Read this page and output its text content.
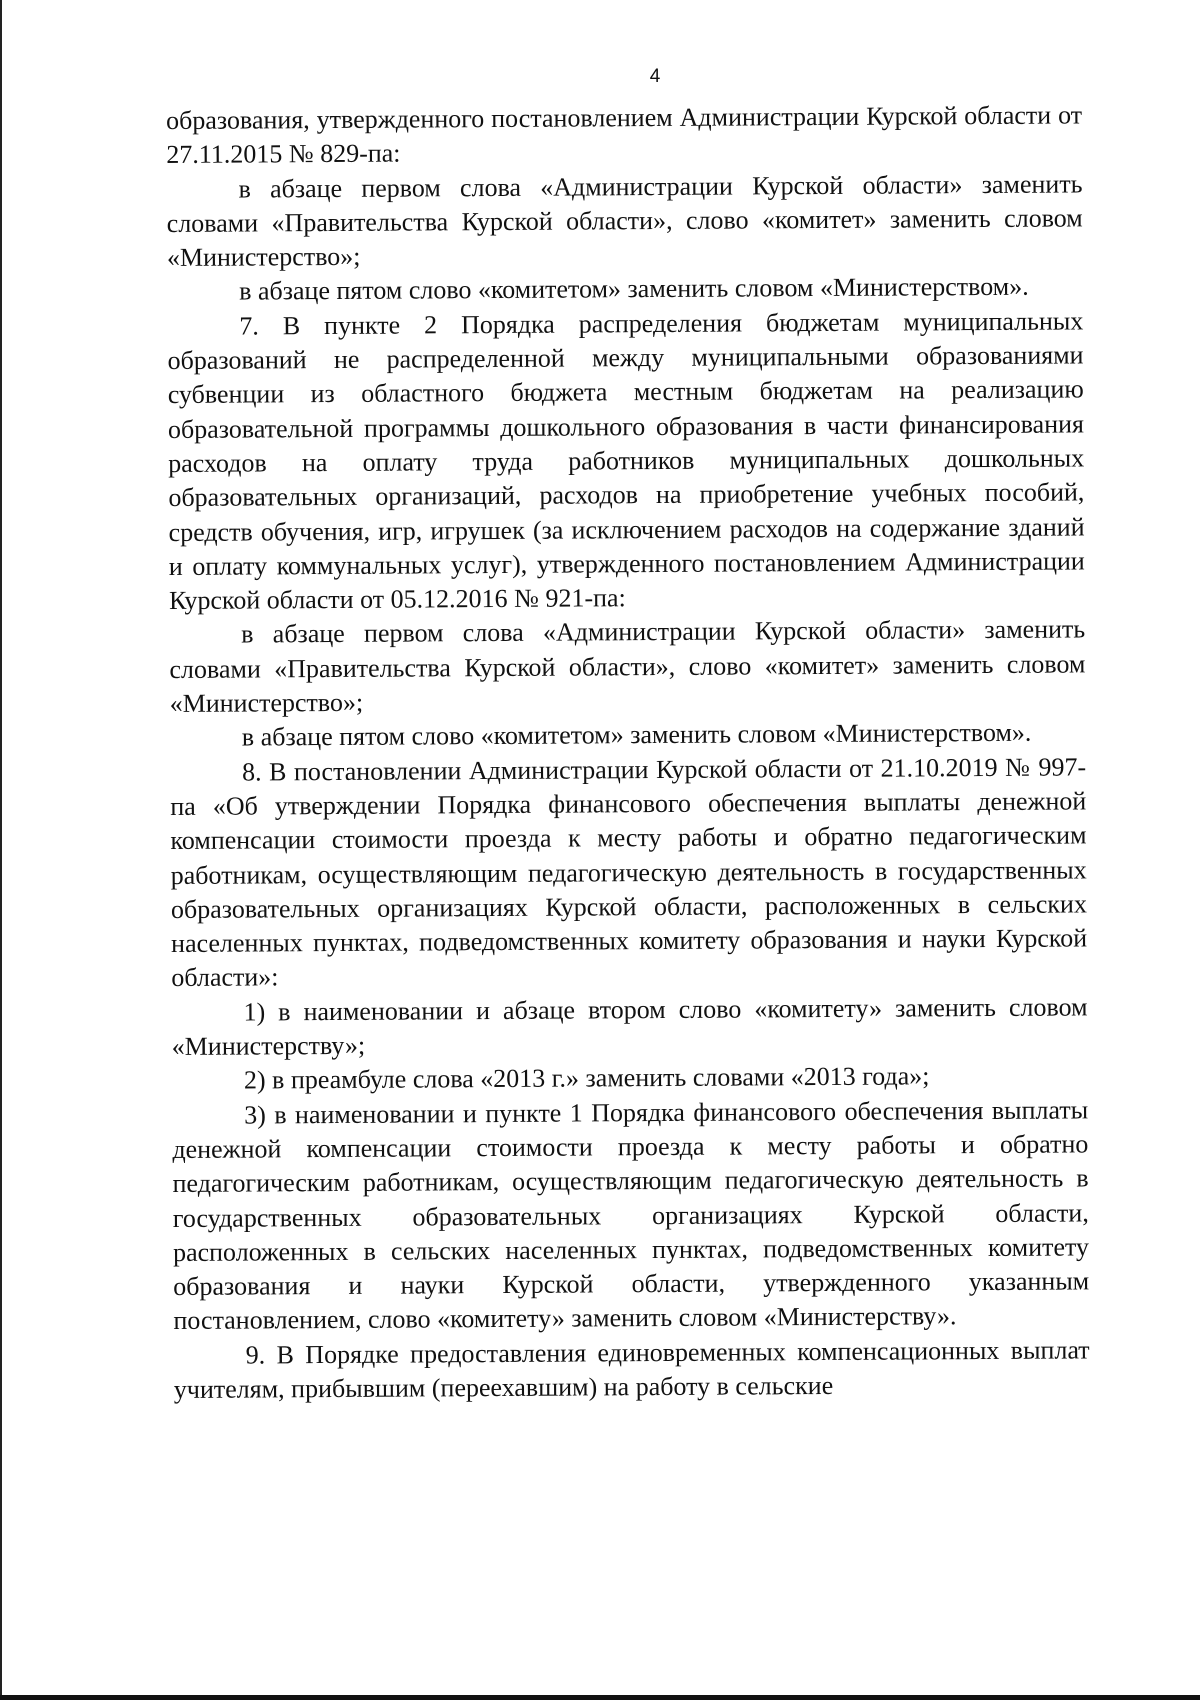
4

образования, утвержденного постановлением Администрации Курской области от 27.11.2015 № 829-па:

в абзаце первом слова «Администрации Курской области» заменить словами «Правительства Курской области», слово «комитет» заменить словом «Министерство»;

в абзаце пятом слово «комитетом» заменить словом «Министерством».

7. В пункте 2 Порядка распределения бюджетам муниципальных образований не распределенной между муниципальными образованиями субвенции из областного бюджета местным бюджетам на реализацию образовательной программы дошкольного образования в части финансирования расходов на оплату труда работников муниципальных дошкольных образовательных организаций, расходов на приобретение учебных пособий, средств обучения, игр, игрушек (за исключением расходов на содержание зданий и оплату коммунальных услуг), утвержденного постановлением Администрации Курской области от 05.12.2016 № 921-па:

в абзаце первом слова «Администрации Курской области» заменить словами «Правительства Курской области», слово «комитет» заменить словом «Министерство»;

в абзаце пятом слово «комитетом» заменить словом «Министерством».

8. В постановлении Администрации Курской области от 21.10.2019 № 997-па «Об утверждении Порядка финансового обеспечения выплаты денежной компенсации стоимости проезда к месту работы и обратно педагогическим работникам, осуществляющим педагогическую деятельность в государственных образовательных организациях Курской области, расположенных в сельских населенных пунктах, подведомственных комитету образования и науки Курской области»:

1) в наименовании и абзаце втором слово «комитету» заменить словом «Министерству»;

2) в преамбуле слова «2013 г.» заменить словами «2013 года»;

3) в наименовании и пункте 1 Порядка финансового обеспечения выплаты денежной компенсации стоимости проезда к месту работы и обратно педагогическим работникам, осуществляющим педагогическую деятельность в государственных образовательных организациях Курской области, расположенных в сельских населенных пунктах, подведомственных комитету образования и науки Курской области, утвержденного указанным постановлением, слово «комитету» заменить словом «Министерству».

9. В Порядке предоставления единовременных компенсационных выплат учителям, прибывшим (переехавшим) на работу в сельские
